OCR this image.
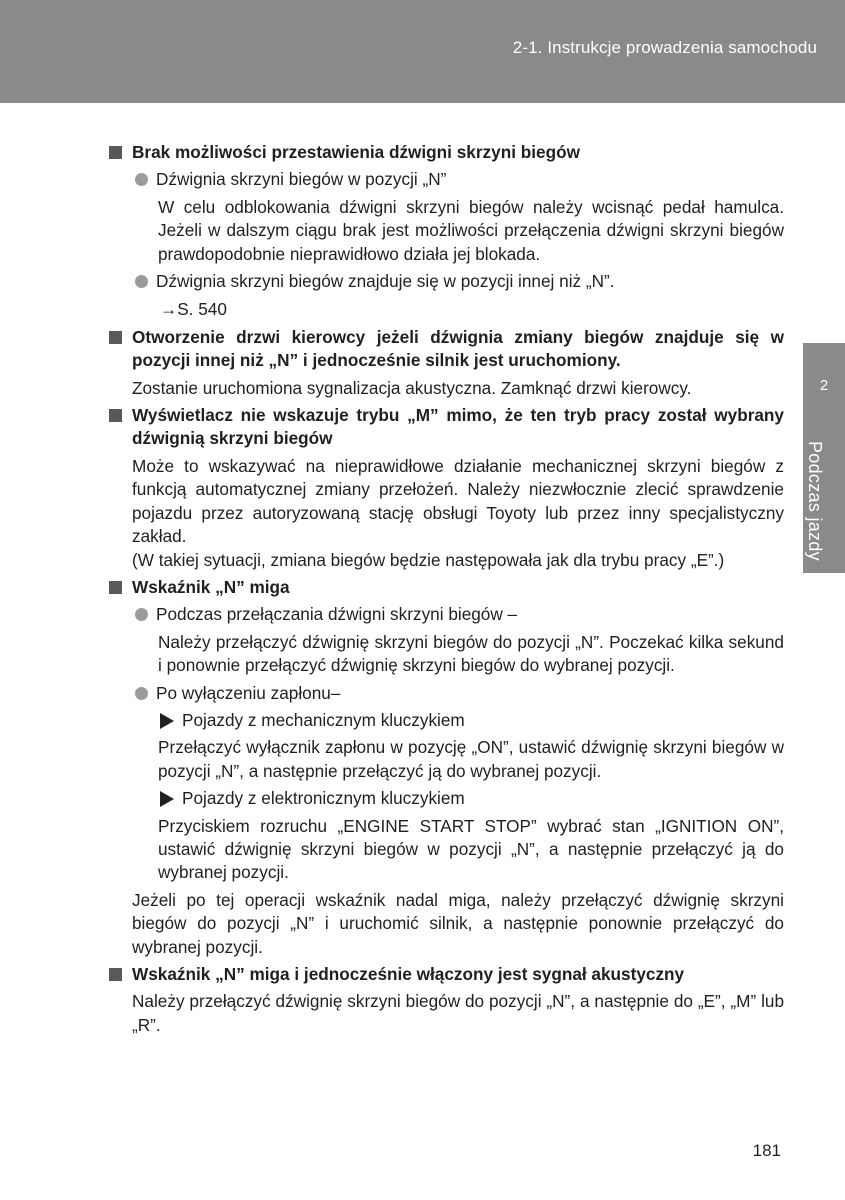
2-1. Instrukcje prowadzenia samochodu
2
Podczas jazdy
Brak możliwości przestawienia dźwigni skrzyni biegów
Dźwignia skrzyni biegów w pozycji „N”
W celu odblokowania dźwigni skrzyni biegów należy wcisnąć pedał hamulca. Jeżeli w dalszym ciągu brak jest możliwości przełączenia dźwigni skrzyni biegów prawdopodobnie nieprawidłowo działa jej blokada.
Dźwignia skrzyni biegów znajduje się w pozycji innej niż „N”.
→S. 540
Otworzenie drzwi kierowcy jeżeli dźwignia zmiany biegów znajduje się w pozycji innej niż „N” i jednocześnie silnik jest uruchomiony.
Zostanie uruchomiona sygnalizacja akustyczna. Zamknąć drzwi kierowcy.
Wyświetlacz nie wskazuje trybu „M” mimo, że ten tryb pracy został wybrany dźwignią skrzyni biegów
Może to wskazywać na nieprawidłowe działanie mechanicznej skrzyni biegów z funkcją automatycznej zmiany przełożeń. Należy niezwłocznie zlecić sprawdzenie pojazdu przez autoryzowaną stację obsługi Toyoty lub przez inny specjalistyczny zakład.
(W takiej sytuacji, zmiana biegów będzie następowała jak dla trybu pracy „E”.)
Wskaźnik „N” miga
Podczas przełączania dźwigni skrzyni biegów –
Należy przełączyć dźwignię skrzyni biegów do pozycji „N”. Poczekać kilka sekund i ponownie przełączyć dźwignię skrzyni biegów do wybranej pozycji.
Po wyłączeniu zapłonu–
Pojazdy z mechanicznym kluczykiem
Przełączyć wyłącznik zapłonu w pozycję „ON”, ustawić dźwignię skrzyni biegów w pozycji „N”, a następnie przełączyć ją do wybranej pozycji.
Pojazdy z elektronicznym kluczykiem
Przyciskiem rozruchu „ENGINE START STOP” wybrać stan „IGNITION ON”, ustawić dźwignię skrzyni biegów w pozycji „N”, a następnie przełączyć ją do wybranej pozycji.
Jeżeli po tej operacji wskaźnik nadal miga, należy przełączyć dźwignię skrzyni biegów do pozycji „N” i uruchomić silnik, a następnie ponownie przełączyć do wybranej pozycji.
Wskaźnik „N” miga i jednocześnie włączony jest sygnał akustyczny
Należy przełączyć dźwignię skrzyni biegów do pozycji „N”, a następnie do „E”, „M” lub „R”.
181
